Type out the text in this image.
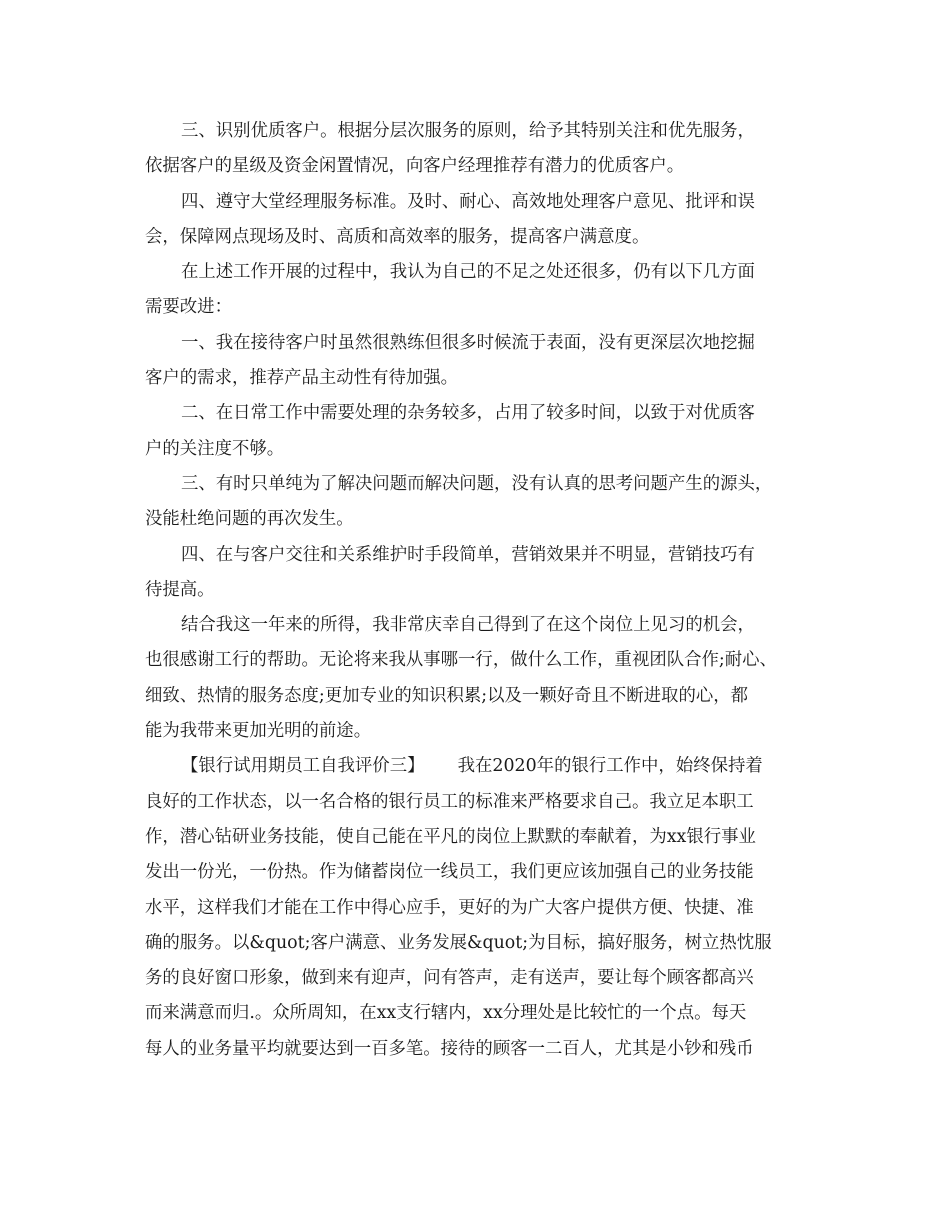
三、识别优质客户。根据分层次服务的原则，给予其特别关注和优先服务，
依据客户的星级及资金闲置情况，向客户经理推荐有潜力的优质客户。
四、遵守大堂经理服务标准。及时、耐心、高效地处理客户意见、批评和误
会，保障网点现场及时、高质和高效率的服务，提高客户满意度。
在上述工作开展的过程中，我认为自己的不足之处还很多，仍有以下几方面
需要改进：
一、我在接待客户时虽然很熟练但很多时候流于表面，没有更深层次地挖掘
客户的需求，推荐产品主动性有待加强。
二、在日常工作中需要处理的杂务较多，占用了较多时间，以致于对优质客
户的关注度不够。
三、有时只单纯为了解决问题而解决问题，没有认真的思考问题产生的源头，
没能杜绝问题的再次发生。
四、在与客户交往和关系维护时手段简单，营销效果并不明显，营销技巧有
待提高。
结合我这一年来的所得，我非常庆幸自己得到了在这个岗位上见习的机会，
也很感谢工行的帮助。无论将来我从事哪一行，做什么工作，重视团队合作;耐心、
细致、热情的服务态度;更加专业的知识积累;以及一颗好奇且不断进取的心，都
能为我带来更加光明的前途。
【银行试用期员工自我评价三】      我在2020年的银行工作中，始终保持着
良好的工作状态，以一名合格的银行员工的标准来严格要求自己。我立足本职工
作，潜心钻研业务技能，使自己能在平凡的岗位上默默的奉献着，为xx银行事业
发出一份光，一份热。作为储蓄岗位一线员工，我们更应该加强自己的业务技能
水平，这样我们才能在工作中得心应手，更好的为广大客户提供方便、快捷、准
确的服务。以&quot;客户满意、业务发展&quot;为目标，搞好服务，树立热忱服
务的良好窗口形象，做到来有迎声，问有答声，走有送声，要让每个顾客都高兴
而来满意而归.。众所周知，在xx支行辖内，xx分理处是比较忙的一个点。每天
每人的业务量平均就要达到一百多笔。接待的顾客一二百人，尤其是小钞和残币
